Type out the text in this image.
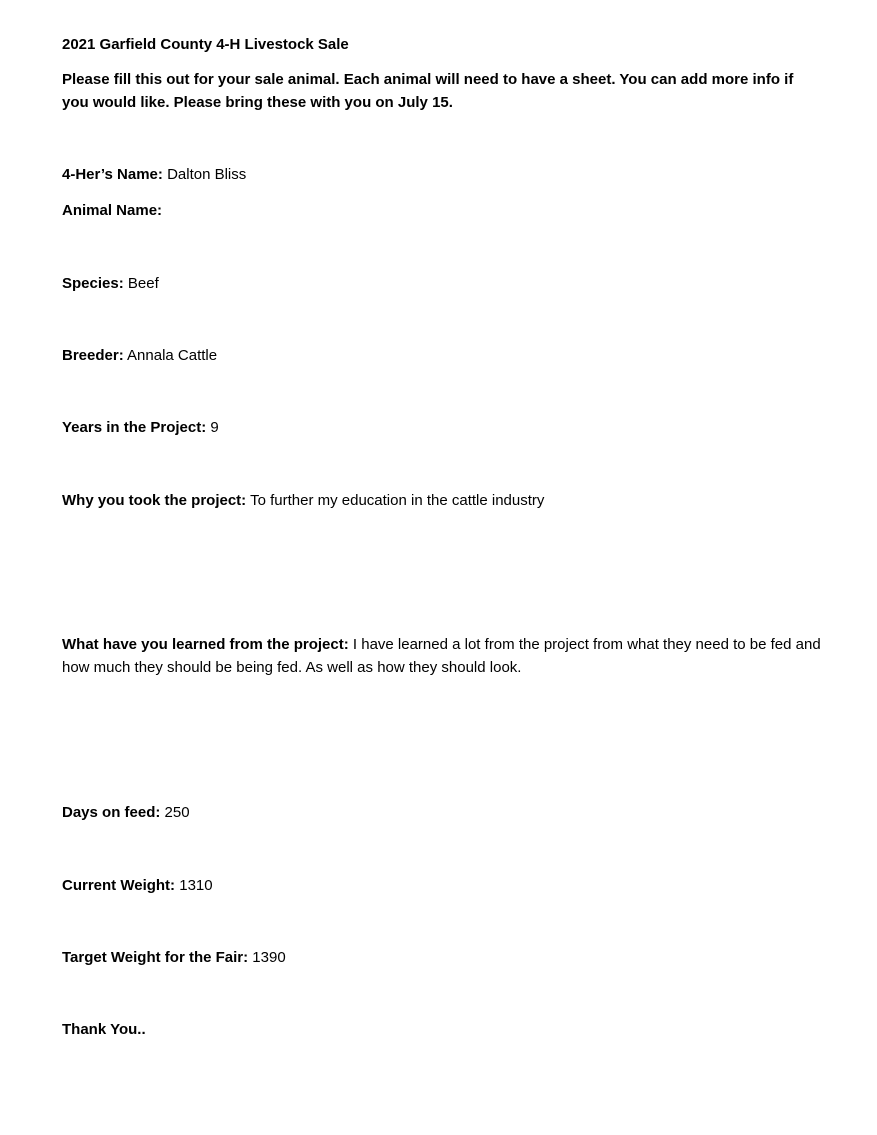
2021 Garfield County 4-H Livestock Sale
Please fill this out for your sale animal. Each animal will need to have a sheet. You can add more info if you would like. Please bring these with you on July 15.
4-Her’s Name: Dalton Bliss
Animal Name:
Species: Beef
Breeder: Annala Cattle
Years in the Project: 9
Why you took the project: To further my education in the cattle industry
What have you learned from the project: I have learned a lot from the project from what they need to be fed and how much they should be being fed. As well as how they should look.
Days on feed: 250
Current Weight: 1310
Target Weight for the Fair: 1390
Thank You..
